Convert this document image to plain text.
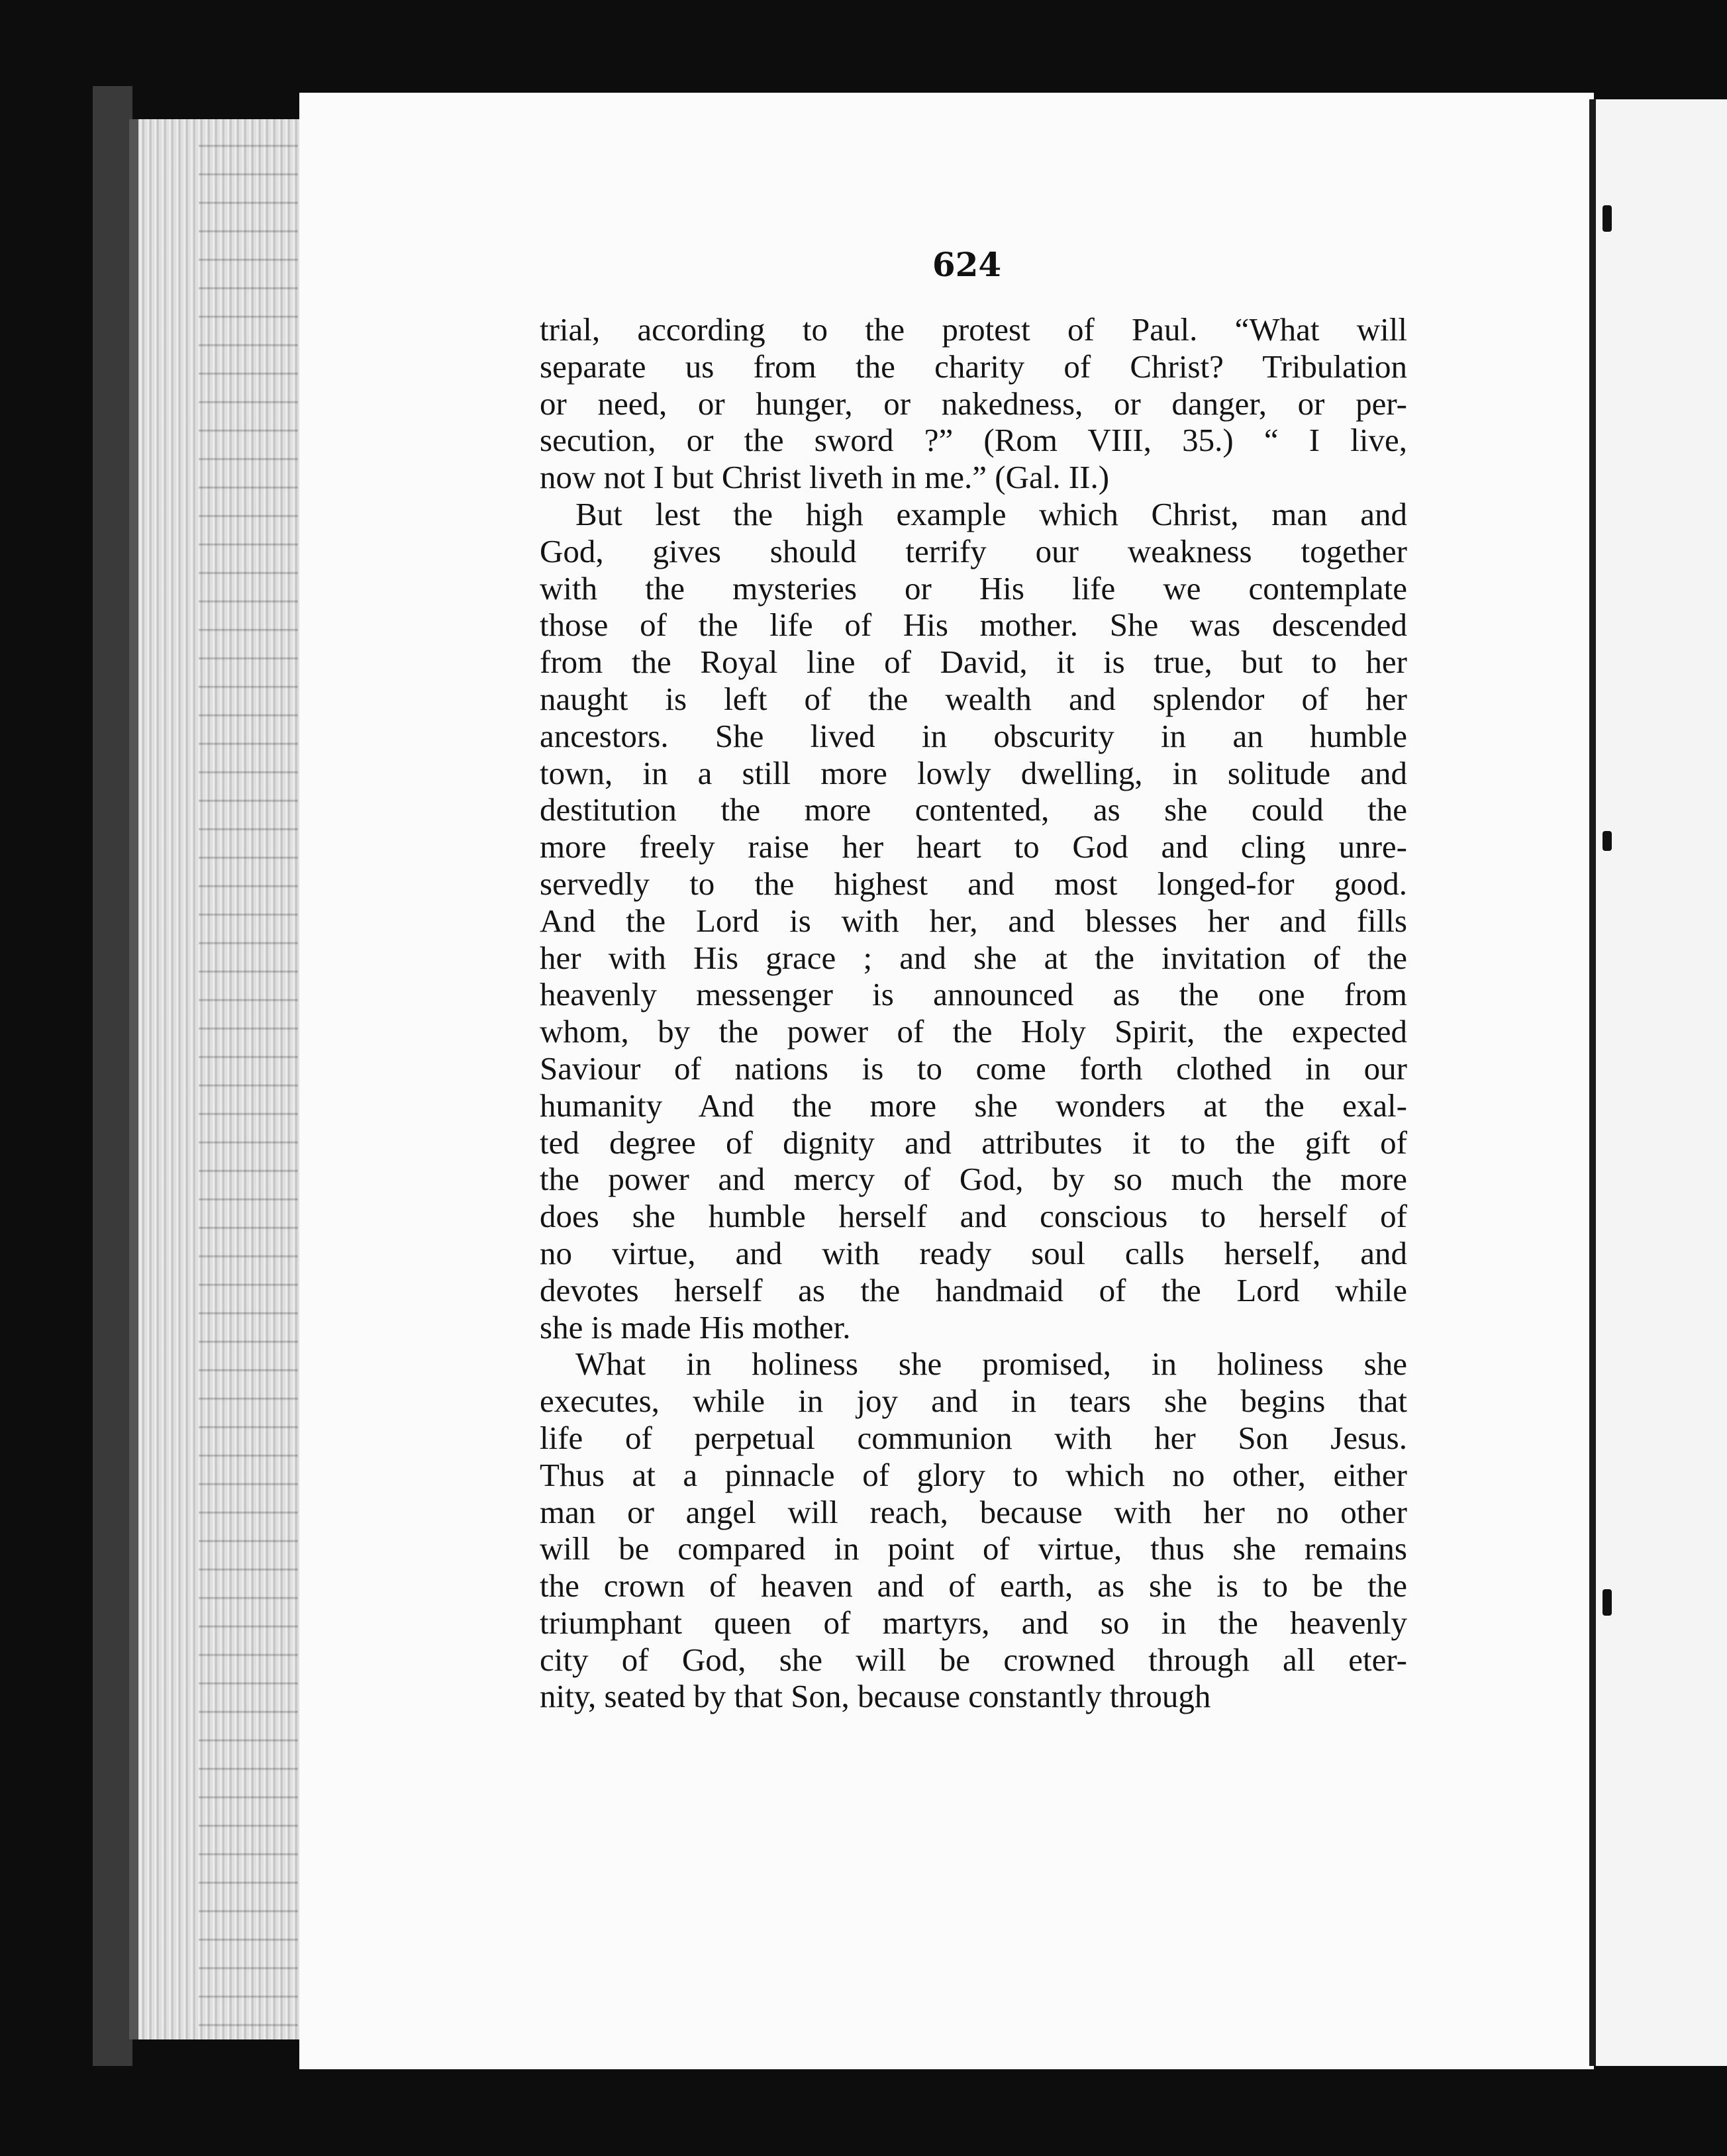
624
trial, according to the protest of Paul. “What will
separate us from the charity of Christ? Tribulation
or need, or hunger, or nakedness, or danger, or per-
secution, or the sword ?” (Rom VIII, 35.) “ I live,
now not I but Christ liveth in me.” (Gal. II.)
But lest the high example which Christ, man and
God, gives should terrify our weakness together
with the mysteries or His life we contemplate
those of the life of His mother. She was descended
from the Royal line of David, it is true, but to her
naught is left of the wealth and splendor of her
ancestors. She lived in obscurity in an humble
town, in a still more lowly dwelling, in solitude and
destitution the more contented, as she could the
more freely raise her heart to God and cling unre-
servedly to the highest and most longed-for good.
And the Lord is with her, and blesses her and fills
her with His grace ; and she at the invitation of the
heavenly messenger is announced as the one from
whom, by the power of the Holy Spirit, the expected
Saviour of nations is to come forth clothed in our
humanity And the more she wonders at the exal-
ted degree of dignity and attributes it to the gift of
the power and mercy of God, by so much the more
does she humble herself and conscious to herself of
no virtue, and with ready soul calls herself, and
devotes herself as the handmaid of the Lord while
she is made His mother.
What in holiness she promised, in holiness she
executes, while in joy and in tears she begins that
life of perpetual communion with her Son Jesus.
Thus at a pinnacle of glory to which no other, either
man or angel will reach, because with her no other
will be compared in point of virtue, thus she remains
the crown of heaven and of earth, as she is to be the
triumphant queen of martyrs, and so in the heavenly
city of God, she will be crowned through all eter-
nity, seated by that Son, because constantly through
